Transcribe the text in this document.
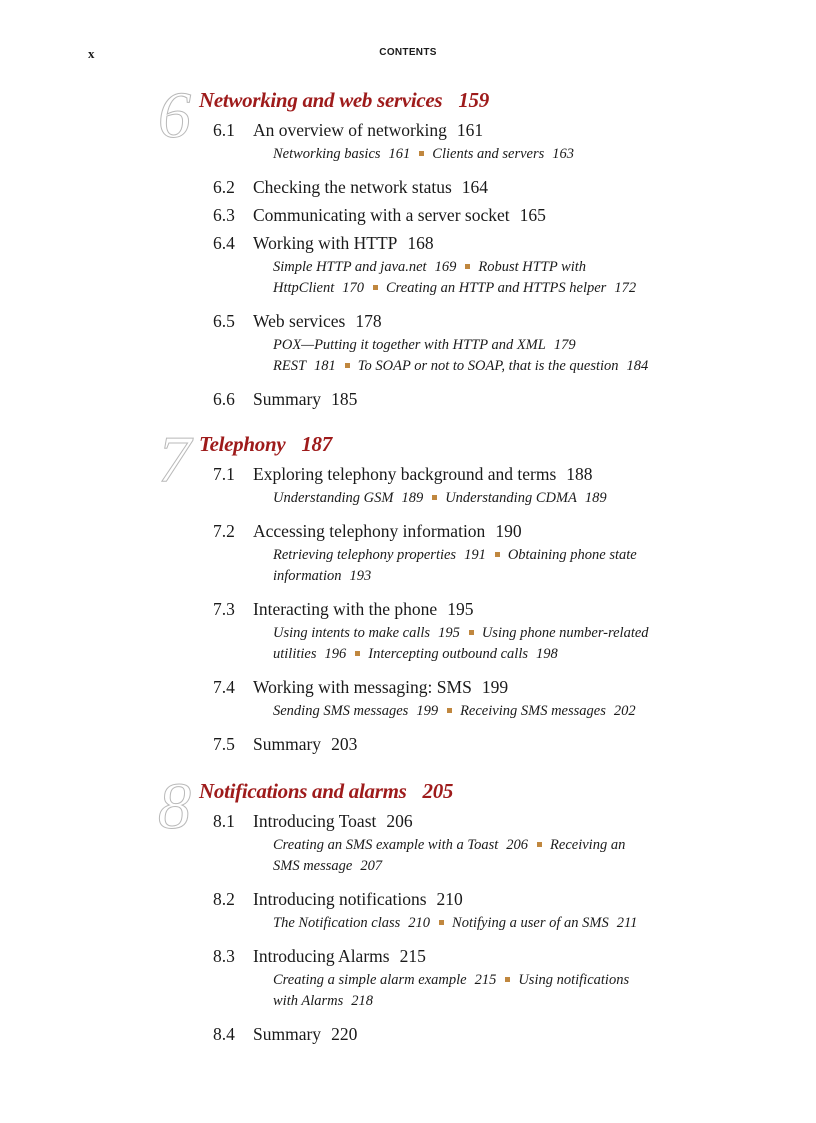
x	CONTENTS
6 Networking and web services 159
6.1 An overview of networking 161
Networking basics 161 Clients and servers 163
6.2 Checking the network status 164
6.3 Communicating with a server socket 165
6.4 Working with HTTP 168
Simple HTTP and java.net 169 Robust HTTP with
HttpClient 170 Creating an HTTP and HTTPS helper 172
6.5 Web services 178
POX—Putting it together with HTTP and XML 179
REST 181 To SOAP or not to SOAP, that is the question 184
6.6 Summary 185
7 Telephony 187
7.1 Exploring telephony background and terms 188
Understanding GSM 189 Understanding CDMA 189
7.2 Accessing telephony information 190
Retrieving telephony properties 191 Obtaining phone state
information 193
7.3 Interacting with the phone 195
Using intents to make calls 195 Using phone number-related
utilities 196 Intercepting outbound calls 198
7.4 Working with messaging: SMS 199
Sending SMS messages 199 Receiving SMS messages 202
7.5 Summary 203
8 Notifications and alarms 205
8.1 Introducing Toast 206
Creating an SMS example with a Toast 206 Receiving an
SMS message 207
8.2 Introducing notifications 210
The Notification class 210 Notifying a user of an SMS 211
8.3 Introducing Alarms 215
Creating a simple alarm example 215 Using notifications
with Alarms 218
8.4 Summary 220
